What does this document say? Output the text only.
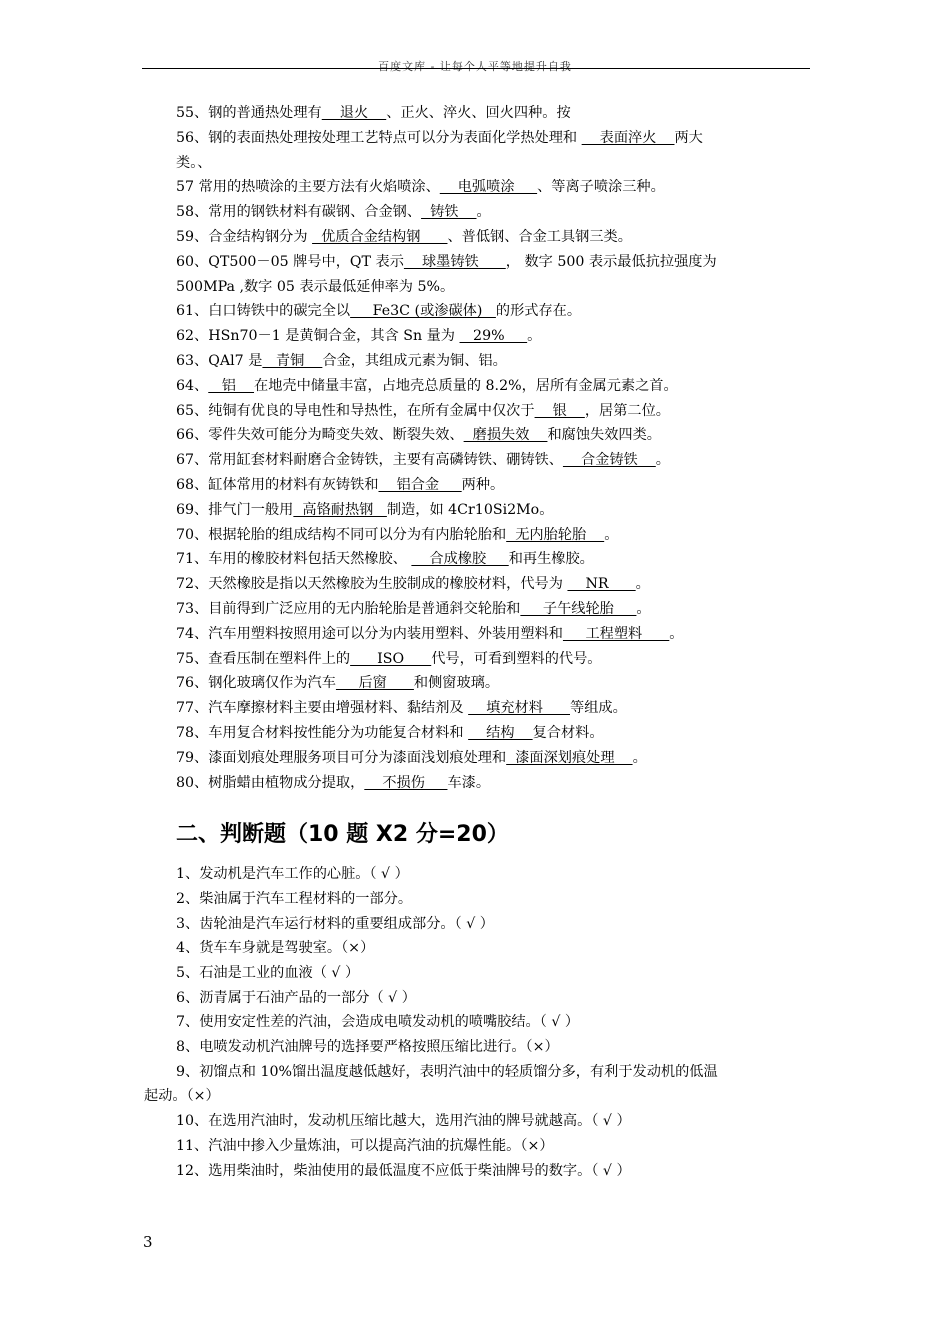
百度文库 - 让每个人平等地提升自我

55、钢的普通热处理有    退火    、正火、淬火、回火四种。按

56、钢的表面热处理按处理工艺特点可以分为表面化学热处理和     表面淬火    两大

类。、

57 常用的热喷涂的主要方法有火焰喷涂、    电弧喷涂     、等离子喷涂三种。

58、常用的钢铁材料有碳钢、合金钢、  铸铁    。

59、合金结构钢分为   优质合金结构钢      、普低钢、合金工具钢三类。

60、QT500－05 牌号中，QT 表示    球墨铸铁      ， 数字 500 表示最低抗拉强度为

500MPa ,数字 05 表示最低延伸率为 5%。

61、白口铸铁中的碳完全以     Fe3C (或渗碳体)   的形式存在。

62、HSn70－1 是黄铜合金，其含 Sn 量为    29%     。

63、QAl7 是   青铜    合金，其组成元素为铜、铝。

64、   铝    在地壳中储量丰富，占地壳总质量的 8.2%，居所有金属元素之首。

65、纯铜有优良的导电性和导热性，在所有金属中仅次于    银    ，居第二位。

66、零件失效可能分为畸变失效、断裂失效、  磨损失效    和腐蚀失效四类。

67、常用缸套材料耐磨合金铸铁，主要有高磷铸铁、硼铸铁、    合金铸铁    。

68、缸体常用的材料有灰铸铁和    铝合金     两种。

69、排气门一般用  高铬耐热钢   制造，如 4Cr10Si2Mo。

70、根据轮胎的组成结构不同可以分为有内胎轮胎和  无内胎轮胎    。

71、车用的橡胶材料包括天然橡胶、     合成橡胶     和再生橡胶。

72、天然橡胶是指以天然橡胶为生胶制成的橡胶材料，代号为     NR      。

73、目前得到广泛应用的无内胎轮胎是普通斜交轮胎和     子午线轮胎     。

74、汽车用塑料按照用途可以分为内装用塑料、外装用塑料和     工程塑料      。

75、查看压制在塑料件上的      ISO      代号，可看到塑料的代号。

76、钢化玻璃仅作为汽车     后窗      和侧窗玻璃。

77、汽车摩擦材料主要由增强材料、黏结剂及     填充材料      等组成。

78、车用复合材料按性能分为功能复合材料和     结构    复合材料。

79、漆面划痕处理服务项目可分为漆面浅划痕处理和  漆面深划痕处理    。

80、树脂蜡由植物成分提取，    不损伤     车漆。

二、判断题（10 题 X2 分=20）

1、发动机是汽车工作的心脏。（ √ ）

2、柴油属于汽车工程材料的一部分。

3、齿轮油是汽车运行材料的重要组成部分。（ √ ）

4、货车车身就是驾驶室。（×）

5、石油是工业的血液（ √ ）

6、沥青属于石油产品的一部分（ √ ）

7、使用安定性差的汽油，会造成电喷发动机的喷嘴胶结。（ √ ）

8、电喷发动机汽油牌号的选择要严格按照压缩比进行。（×）

9、初馏点和 10%馏出温度越低越好，表明汽油中的轻质馏分多，有利于发动机的低温

起动。（×）

10、在选用汽油时，发动机压缩比越大，选用汽油的牌号就越高。（ √ ）

11、汽油中掺入少量炼油，可以提高汽油的抗爆性能。（×）

12、选用柴油时，柴油使用的最低温度不应低于柴油牌号的数字。（ √ ）

3
